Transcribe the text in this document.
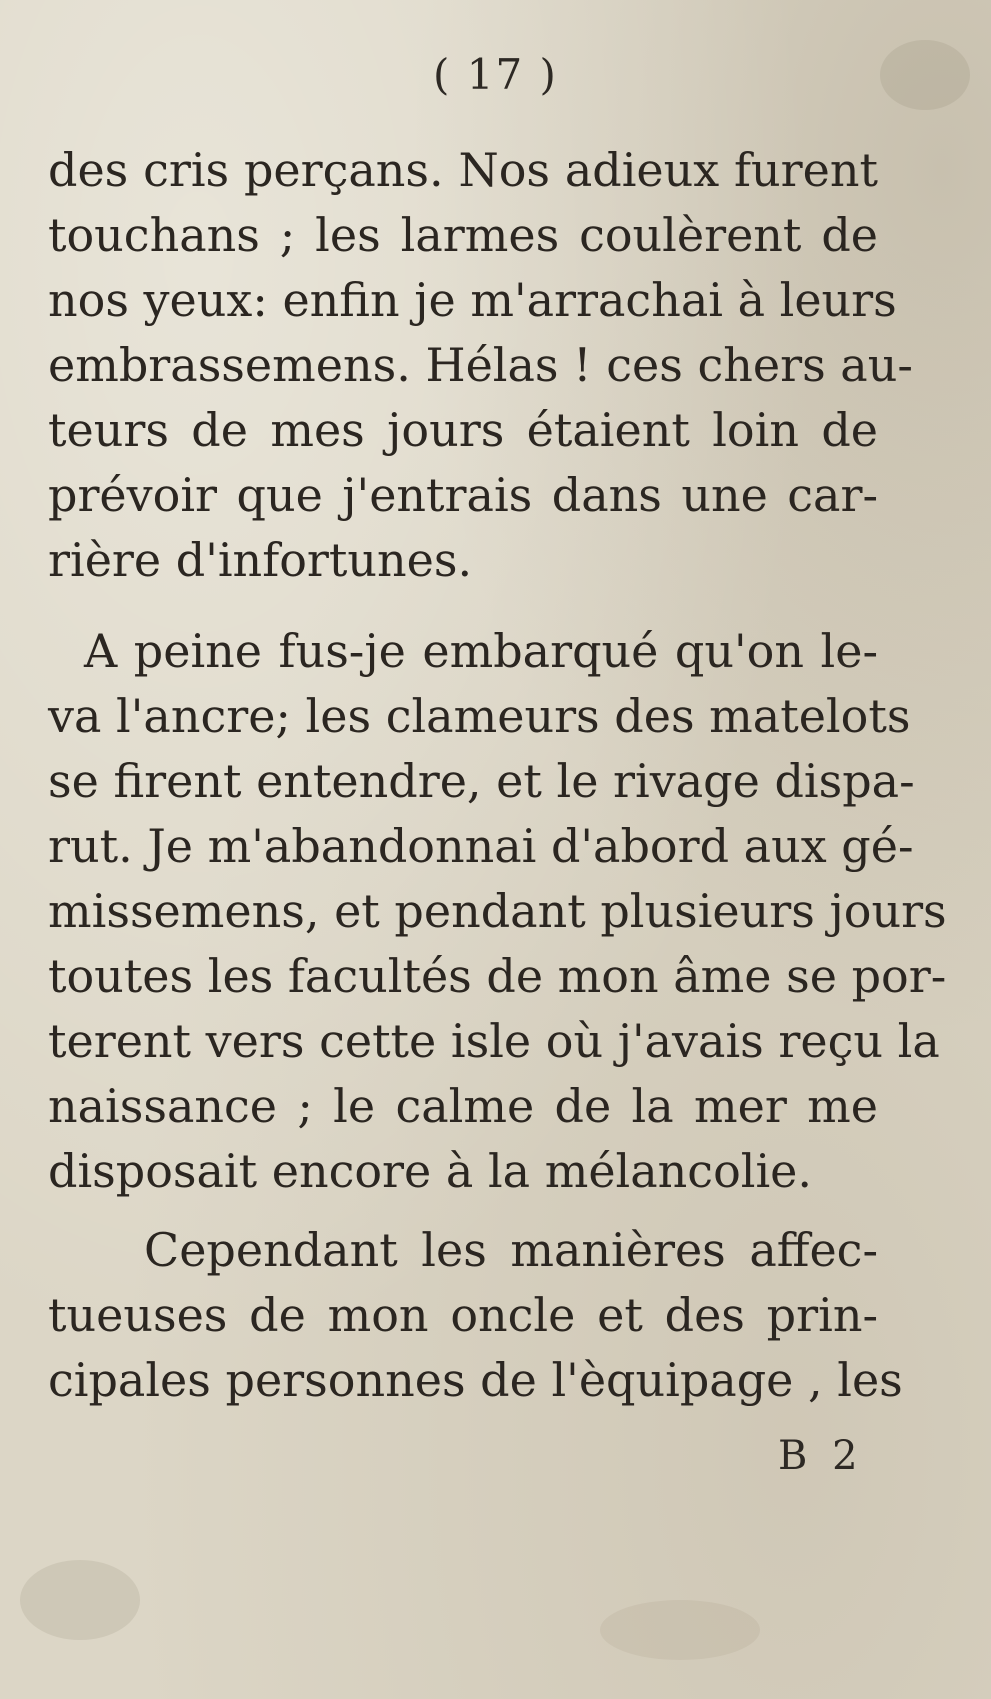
( 17 )
des cris perçans. Nos adieux furent
touchans ; les larmes coulèrent de
nos yeux: enfin je m'arrachai à leurs
embrassemens. Hélas ! ces chers au-
teurs de mes jours étaient loin de
prévoir que j'entrais dans une car-
rière d'infortunes.
A peine fus-je embarqué qu'on le-
va l'ancre; les clameurs des matelots
se firent entendre, et le rivage dispa-
rut. Je m'abandonnai d'abord aux gé-
missemens, et pendant plusieurs jours
toutes les facultés de mon âme se por-
terent vers cette isle où j'avais reçu la
naissance ; le calme de la mer me
disposait encore à la mélancolie.
Cependant les manières affec-
tueuses de mon oncle et des prin-
cipales personnes de l'èquipage , les
B 2
